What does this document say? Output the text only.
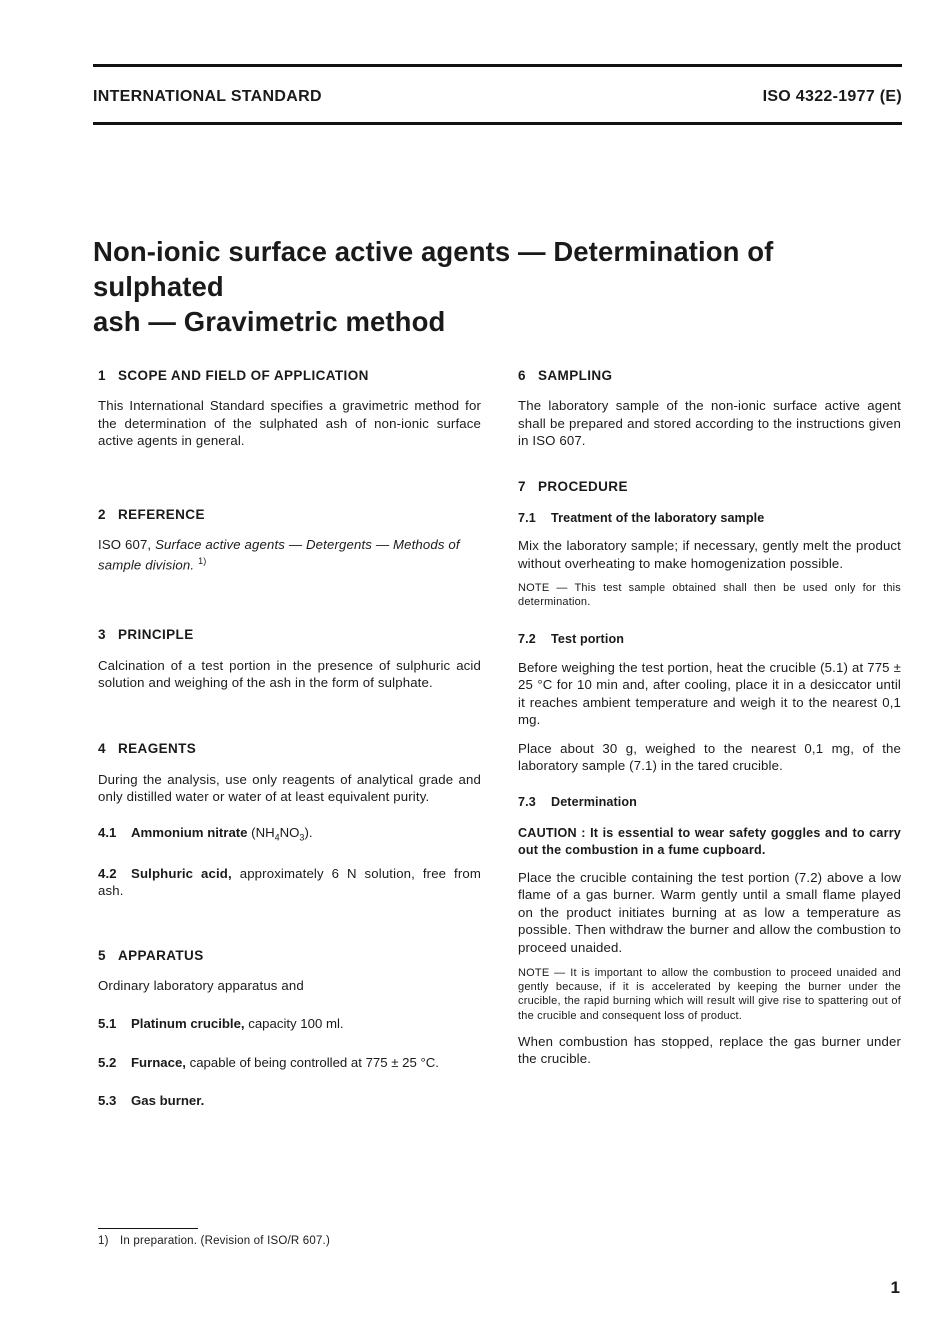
INTERNATIONAL STANDARD	ISO 4322-1977 (E)
Non-ionic surface active agents — Determination of sulphated
ash — Gravimetric method
1 SCOPE AND FIELD OF APPLICATION

This International Standard specifies a gravimetric method for the determination of the sulphated ash of non-ionic surface active agents in general.

2 REFERENCE

ISO 607, Surface active agents — Detergents — Methods of sample division. $^{1)}$

3 PRINCIPLE

Calcination of a test portion in the presence of sulphuric acid solution and weighing of the ash in the form of sulphate.

4 REAGENTS

During the analysis, use only reagents of analytical grade and only distilled water or water of at least equivalent purity.

4.1 Ammonium nitrate $(NH_4NO_3)$.

4.2 Sulphuric acid, approximately 6 N solution, free from ash.

5 APPARATUS

Ordinary laboratory apparatus and

5.1 Platinum crucible, capacity 100 ml.

5.2 Furnace, capable of being controlled at 775 ± 25 °C.

5.3 Gas burner.

6 SAMPLING

The laboratory sample of the non-ionic surface active agent shall be prepared and stored according to the instructions given in ISO 607.

7 PROCEDURE
7.1 Treatment of the laboratory sample

Mix the laboratory sample; if necessary, gently melt the product without overheating to make homogenization possible.

NOTE — This test sample obtained shall then be used only for this determination.

7.2 Test portion

Before weighing the test portion, heat the crucible (5.1) at 775 ± 25 °C for 10 min and, after cooling, place it in a desiccator until it reaches ambient temperature and weigh it to the nearest 0,1 mg.

Place about 30 g, weighed to the nearest 0,1 mg, of the laboratory sample (7.1) in the tared crucible.

7.3 Determination

CAUTION : It is essential to wear safety goggles and to carry out the combustion in a fume cupboard.

Place the crucible containing the test portion (7.2) above a low flame of a gas burner. Warm gently until a small flame played on the product initiates burning at as low a temperature as possible. Then withdraw the burner and allow the combustion to proceed unaided.

NOTE — It is important to allow the combustion to proceed unaided and gently because, if it is accelerated by keeping the burner under the crucible, the rapid burning which will result will give rise to spattering out of the crucible and consequent loss of product.

When combustion has stopped, replace the gas burner under the crucible.

1) In preparation. (Revision of ISO/R 607.)
1
